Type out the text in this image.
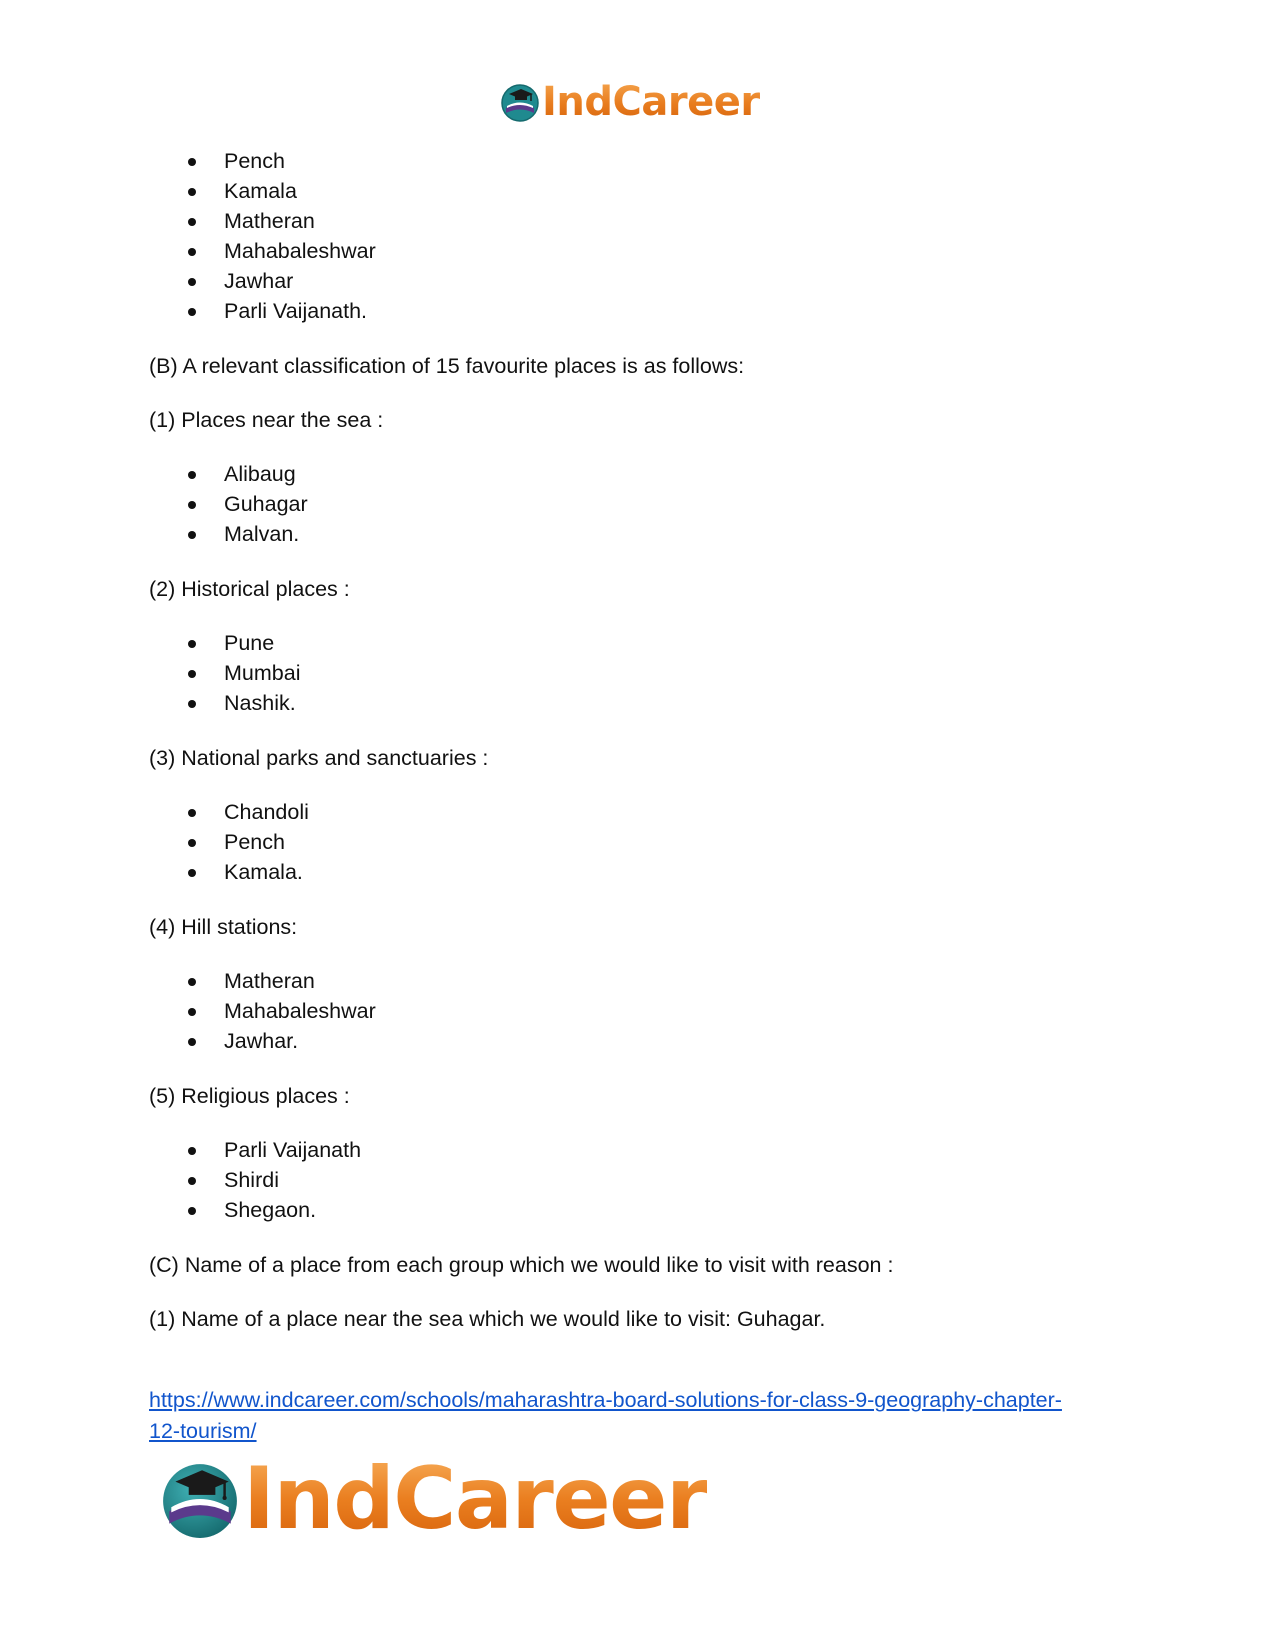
IndCareer
Pench
Kamala
Matheran
Mahabaleshwar
Jawhar
Parli Vaijanath.

(B) A relevant classification of 15 favourite places is as follows:

(1) Places near the sea :

Alibaug
Guhagar
Malvan.

(2) Historical places :

Pune
Mumbai
Nashik.

(3) National parks and sanctuaries :

Chandoli
Pench
Kamala.

(4) Hill stations:

Matheran
Mahabaleshwar
Jawhar.

(5) Religious places :

Parli Vaijanath
Shirdi
Shegaon.

(C) Name of a place from each group which we would like to visit with reason :

(1) Name of a place near the sea which we would like to visit: Guhagar.

https://www.indcareer.com/schools/maharashtra-board-solutions-for-class-9-geography-chapter-
12-tourism/
IndCareer
